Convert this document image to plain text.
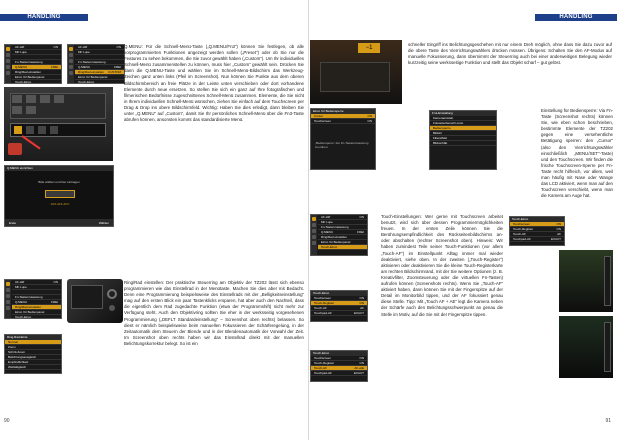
HANDLING
AF-Hilf	ON
MF Lupe
Fn-Tastenzuweisung
Q.MENU	FREI
Ring/Rad einstellen
Einst. für Bedienpanel
Touch-Einst.
AF-Hilf	ON
MF Lupe
Fn-Tastenzuweisung
Q.MENU	FREI
Ring/Rad einstellen CUSTOM
Einst. für Bedienpanel
Touch-Einst.
Q.MENU einrichten
Bitte wählen und hier eintragen
AFS AFF AFC
Ende	Wählen
AF-Hilf	ON
MF Lupe
Fn-Tastenzuweisung
Q.MENU	FREI
Ring/Rad einstellen
Einst. für Bedienpanel
Touch-Einst.
Ring-Rad-Einst.
Normal
Zoom
Schritt-Zoom
Belichtungsausgleich
Empfindlichkeit
Weißabgleich
Q.MENU: Für die Schnell-Menü-Taste („Q.MENU/Fn3“) können Sie festlegen, ob alle vorprogrammierten Funktionen angezeigt werden sollen („Preset“) oder ob Sie nur die Features zu sehen bekommen, die Sie zuvor gewählt haben („Custom“). Um Ihr individuelles Schnell-Menü zusammenstellen zu können, muss hier „Custom“ gewählt sein. Drücken Sie dann die Q.MENU-Taste und wählen Sie im Schnell-Menü-Bildschirm das Werkzeug-Zeichen ganz unten links (Pfeil im Screenshot). Nun können Sie Punkte aus dem oberen Bildschirmbereich an freie Plätze in der Leiste unten verschieben oder dort vorhandene Elemente durch neue ersetzen. So stellen Sie sich ein ganz auf Ihre fotografischen und filmerischen Bedürfnisse zugeschnittenes Schnell-Menü zusammen. Elemente, die Sie nicht in Ihrem individuellen Schnell-Menü wünschen, ziehen Sie einfach auf dem Touchscreen per Drag & Drop ins obere Bildschirmfeld. Wichtig: Haben Sie dies erledigt, dann bleiben Sie unter „Q.MENU“ auf „Custom“, damit Sie Ihr persönliches Schnell-Menü über die Fn3-Taste abrufen können, ansonsten kommt das standardisierte Menü.
Ring/Rad einstellen: Der praktische Steuerring am Objektiv der TZ202 lässt sich ebenso programmieren wie das Einstellrad in der Menütaste. Machen Sie dies aber mit Bedacht. Denn eine Programmierung beispielsweise des Einstellrads mit der „Belligkeitseinstellung“ mag auf den ersten Blick ein paar Tastenklicks ersparen, hat aber auch den Nachteil, dass die eigentlich dem Rad zugedachte Funktion (etwa der Programmshift) nicht mehr zur Verfügung steht. Auch den Objektivring sollten Sie eher in der werksseitig vorgesehenen Programmierung („DEFLT Standardeinstellung“ – Screenshot oben rechts) belassen. So dient er nämlich beispielsweise beim manuellen Fokussieren der Schärferegelung, in der Zeitautomatik dem Steuern der Blende und in der Blendenautomatik der Vorwahl der Zeit. Im Screenshot oben rechts haben wir das Einstellrad direkt mit der manuellen Belichtungskorrektur belegt. So ist ein
90
HANDLING
−1
schneller Eingriff ins Belichtungsgeschehen mit nur einem Dreh möglich, ohne dass Sie dazu zuvor auf die obere Taste des Vierrichtungswählers drücken müssen. Übrigens: Schalten Sie den AF-Modus auf manuelle Fokussierung, dann übernimmt der Steuerring auch bei einer anderweitigen Belegung wieder kurzzeitig seine werksseitige Funktion und stellt das Objekt scharf – gut gelöst.
Einst. für Bediensperre
Cursor	ON
Touchscreen	ON
„Bediensperre“ der Fn-Tastenzuweisung zuordnen.
Fn1-Einstellung
Kameraeinstell.
Fokussierbereich einst.
Bediensperre
Bildstil
Filtereffekt
Bildverhält.
Einstellung für Bediensperre: Via Fn-Taste (Screenshot rechts) können Sie, wie eben schon beschrieben, bestimmte Elemente der TZ202 gegen eine versehentliche Betätigung sperren: den „Cursor“ (also den Vierrichtungswähler einschließlich „MENU/SET“-Taste) und den Touchscreen. Wir finden die frische Touchscreen-Sperre per Fn-Taste recht hilfreich, vor allem, weil man häufig mit Nase oder Wange das LCD aktiviert, wenn man auf den Touchscreen verschiebt, wenn man die Kamera am Auge hat.
AF-Hilf	ON
MF Lupe
Fn-Tastenzuweisung
Q.MENU	FREI
Ring/Rad einstellen
Einst. für Bedienpanel
Touch-Einst.
Touch-Einstellungen: Wer gerne mit Touchscreen arbeitet benutzt, wird sich über dessen Programmiermöglichkeiten freuen. In der ersten Zeile können Sie die Berührungsempfindlichkeit des Rückseitenbildschirms an- oder abschalten (rechter Screenshot oben). Hinweis: Wir haben zumindest Teile seiner Touch-Funktionen (vor allem „Touch-AF“) im Einstellpunkt Alltag immer mal wieder deaktiviert, siehe oben. In der zweiten („Touch-Register“) aktivieren oder deaktivieren Sie die kleine Touch-Registerkarte am rechten Bildschirmrand, mit der Sie weitere Optionen (z. B. Kreativfilter, Zoomsteuerung oder die virtuellen Fn-Tasten) aufrufen können (Screenshots rechts). Wenn Sie „Touch-AF“ aktiviert haben, dann können Sie mit der Fingerspitze auf der Detail im Monitorbild tippen, und der AF fokussiert genau diese Stelle. Tipp: Mit „Touch AF + AE“ legt die Kamera neben der Schärfe auch den Belichtungsschwerpunkt an genau die Stelle im Motiv, auf die Sie mit der Fingerspitze tippen.
Touch-Einst.
Touchscreen	ON
Touch-Register	ON
Touch-AF	AF
Touchpad-AF	EXACT
Touch-Einst.
Touchscreen	ON
Touch-Register	ON
Touch-AF	AF
Touchpad-AF	EXACT
Touch-Einst.
Touchscreen	ON
Touch-Register	ON
Touch-AF	AF+AE
Touchpad-AF	EXACT
91
